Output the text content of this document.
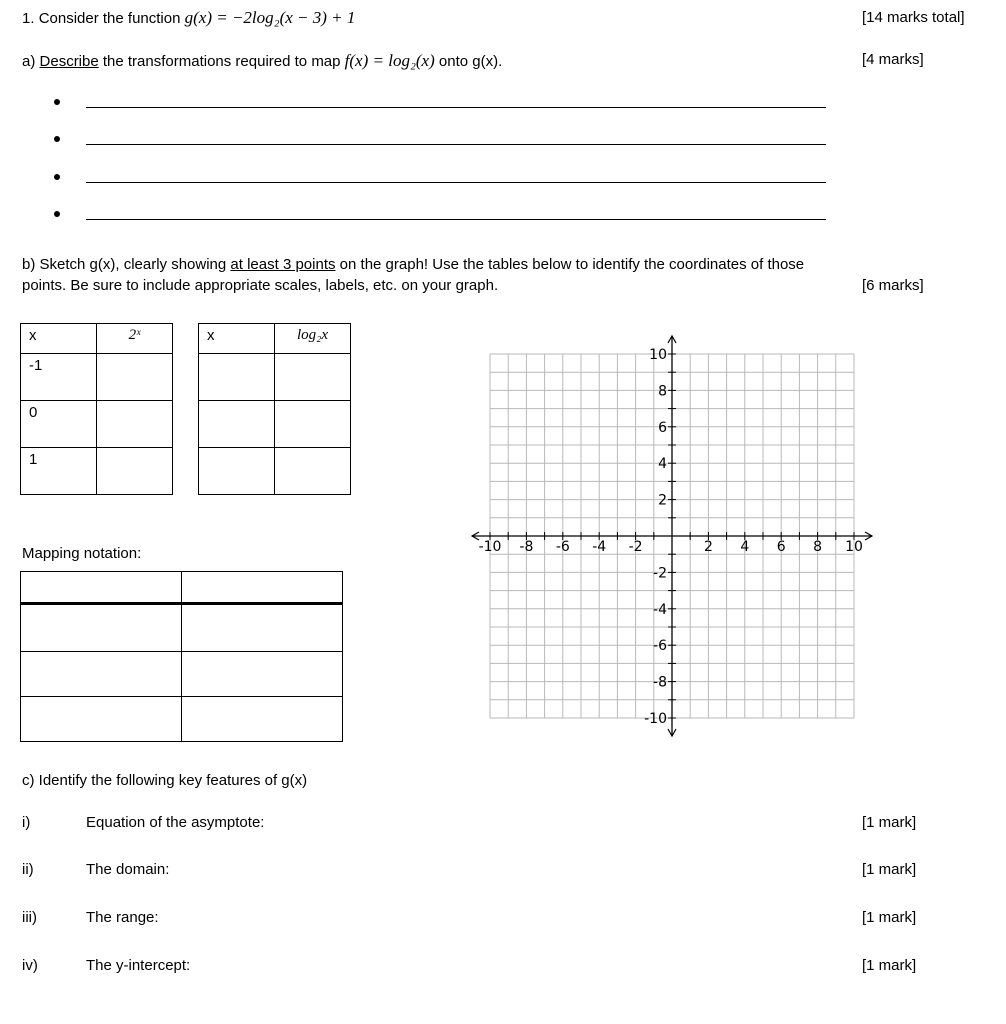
1. Consider the function g(x) = −2log₂(x − 3) + 1	[14 marks total]
a) Describe the transformations required to map f(x) = log₂(x) onto g(x).	[4 marks]
b) Sketch g(x), clearly showing at least 3 points on the graph! Use the tables below to identify the coordinates of those
points. Be sure to include appropriate scales, labels, etc. on your graph.	[6 marks]
x	2ˣ
-1	
0	
1	
x	log₂x

Mapping notation:

		-10 -8 -6 -4 -2	2 4 6 8 10
10
8
6
4
2
-2
-4
-6
-8
-10
c) Identify the following key features of g(x)
i)	Equation of the asymptote:	[1 mark]
ii)	The domain:	[1 mark]
iii)	The range:	[1 mark]
iv)	The y-intercept:	[1 mark]
